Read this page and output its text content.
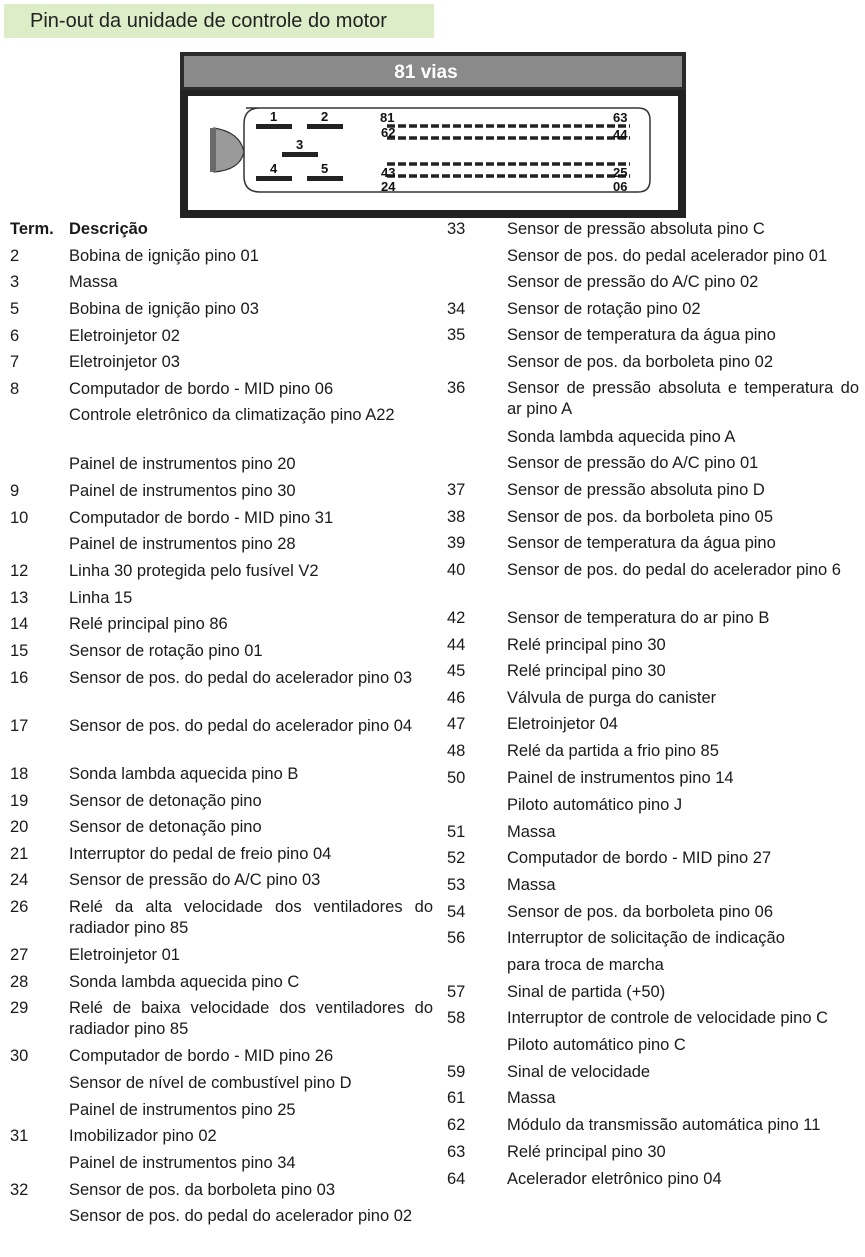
Pin-out da unidade de controle do motor
81 vias
1	2
3
4	5
81
62
43
24
63
44
25
06
Term. Descrição
2	Bobina de ignição pino 01
3	Massa
5	Bobina de ignição pino 03
6	Eletroinjetor 02
7	Eletroinjetor 03
8	Computador de bordo - MID pino 06
Controle eletrônico da climatização pino A22
Painel de instrumentos pino 20
9	Painel de instrumentos pino 30
10	Computador de bordo - MID pino 31
Painel de instrumentos pino 28
12	Linha 30 protegida pelo fusível V2
13	Linha 15
14	Relé principal pino 86
15	Sensor de rotação pino 01
16	Sensor de pos. do pedal do acelerador pino 03
17	Sensor de pos. do pedal do acelerador pino 04
18	Sonda lambda aquecida pino B
19	Sensor de detonação pino
20	Sensor de detonação pino
21	Interruptor do pedal de freio pino 04
24	Sensor de pressão do A/C pino 03
26	Relé da alta velocidade dos ventiladores do radiador pino 85
27	Eletroinjetor 01
28	Sonda lambda aquecida pino C
29	Relé de baixa velocidade dos ventiladores do radiador pino 85
30	Computador de bordo - MID pino 26
Sensor de nível de combustível pino D
Painel de instrumentos pino 25
31	Imobilizador pino 02
Painel de instrumentos pino 34
32	Sensor de pos. da borboleta pino 03
Sensor de pos. do pedal do acelerador pino 02
33	Sensor de pressão absoluta pino C
Sensor de pos. do pedal acelerador pino 01
Sensor de pressão do A/C pino 02
34	Sensor de rotação pino 02
35	Sensor de temperatura da água pino
Sensor de pos. da borboleta pino 02
36	Sensor de pressão absoluta e temperatura do ar pino A
Sonda lambda aquecida pino A
Sensor de pressão do A/C pino 01
37	Sensor de pressão absoluta pino D
38	Sensor de pos. da borboleta pino 05
39	Sensor de temperatura da água pino
40	Sensor de pos. do pedal do acelerador pino 6
42	Sensor de temperatura do ar pino B
44	Relé principal pino 30
45	Relé principal pino 30
46	Válvula de purga do canister
47	Eletroinjetor 04
48	Relé da partida a frio pino 85
50	Painel de instrumentos pino 14
Piloto automático pino J
51	Massa
52	Computador de bordo - MID pino 27
53	Massa
54	Sensor de pos. da borboleta pino 06
56	Interruptor de solicitação de indicação
para troca de marcha
57	Sinal de partida (+50)
58	Interruptor de controle de velocidade pino C
Piloto automático pino C
59	Sinal de velocidade
61	Massa
62	Módulo da transmissão automática pino 11
63	Relé principal pino 30
64	Acelerador eletrônico pino 04
